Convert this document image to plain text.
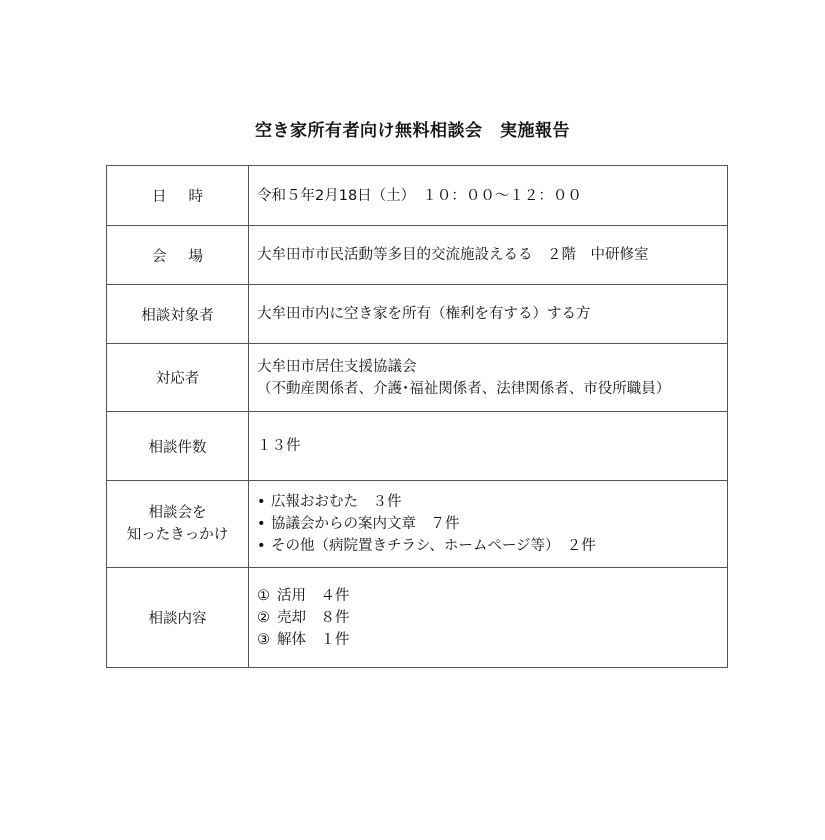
空き家所有者向け無料相談会　実施報告
日時	令和５年2月18日（土）　１０：００～１２：００
会場	大牟田市市民活動等多目的交流施設えるる　２階　中研修室
相談対象者	大牟田市内に空き家を所有（権利を有する）する方
対応者	大牟田市居住支援協議会
（不動産関係者、介護･福祉関係者、法律関係者、市役所職員）

相談件数	１３件

相談会を
知ったきっかけ	• 広報おおむた　３件
• 協議会からの案内文章　７件
• その他（病院置きチラシ、ホームページ等）　２件

相談内容	① 活用　４件
② 売却　８件
③ 解体　１件
